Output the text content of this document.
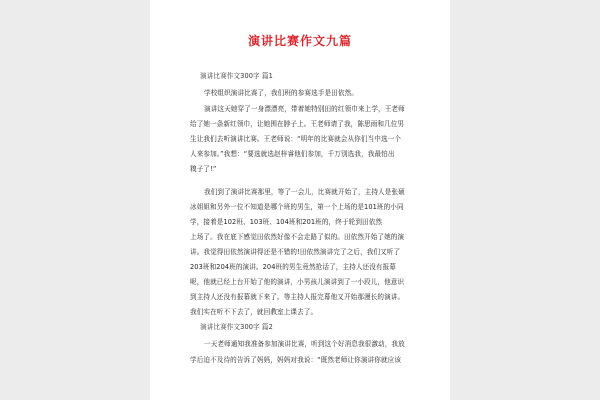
演讲比赛作文九篇
演讲比赛作文300字 篇1
学校组织演讲比赛了，我们班的参赛选手是田依然。
演讲这天她穿了一身漂漂亮，带着她特别田的红领巾来上学，王老师
给了她一条新红领巾，让她围在脖子上。王老师请了我，陈思雨和几位男
生让我们去听演讲比赛。王老师说：“明年的比赛就会从你们当中选一个
人来参加。”我想：“要选就选赵梓睿他们参加，千万别选我，我最怕出
糗子了!”
我们到了演讲比赛那里，等了一会儿，比赛就开始了，主持人是张硕
冰姐姐和另外一位不知道是哪个班的男生，第一个上场的是101班的小同
学，接着是102班、103班、104班和201班的，终于轮到田依然
上场了。我在底下感觉田依然好像不会走路了似的。田依然开始了她的演
讲。我觉得田依然演讲得还是不错的!田依然演讲完了之后，我们又听了
203班和204班的演讲。204班的男生竟然抢话了，主持人还没有报幕
呢，他就已经上台开始了他的演讲，小男孩儿演讲到了一小段儿，他意识
到主持人还没有报幕就下来了。等主持人报完幕他又开始那漫长的演讲。
我们实在听不下去了，就回教室上课去了。
演讲比赛作文300字 篇2
一天老师通知我准备参加演讲比赛，听到这个好消息我很激动，我放
学后迫不及待的告诉了妈妈，妈妈对我说：“既然老师让你演讲你就应该
